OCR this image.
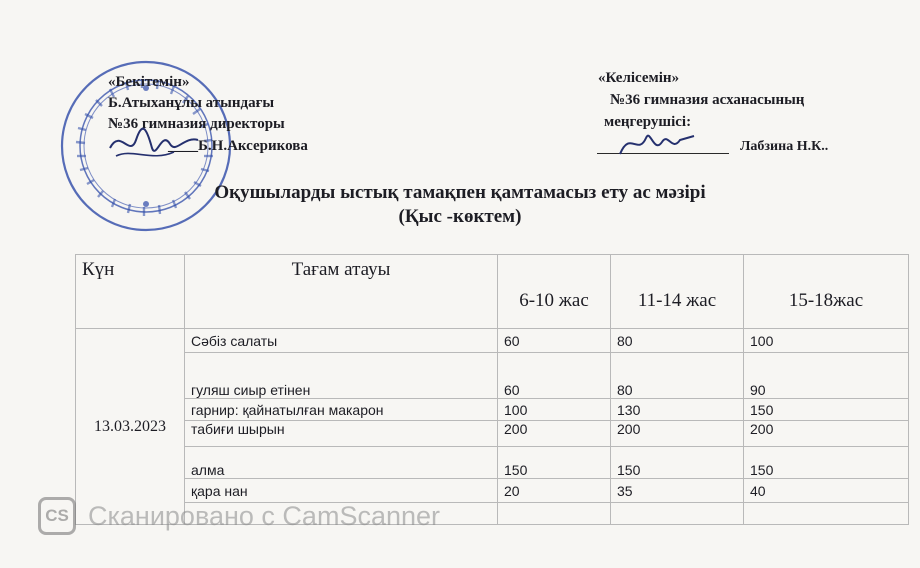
«Бекітемін»
Б.Атыханұлы атындағы
№36 гимназия директоры
____Б.Н.Аксерикова
«Келісемін»
№36 гимназия асханасының
меңгерушісі:
Лабзина Н.К..
Оқушыларды ыстық тамақпен қамтамасыз ету ас мәзірі
(Қыс -көктем)
Күн	Тағам атауы	6-10 жас	11-14 жас	15-18жас
13.03.2023	Сәбіз салаты	60	80	100
	гуляш сиыр етінен	60	80	90
	гарнир: қайнатылған макарон	100	130	150
	табиғи шырын	200	200	200
	алма	150	150	150
	қара нан	20	35	40

CS Сканировано с CamScanner
